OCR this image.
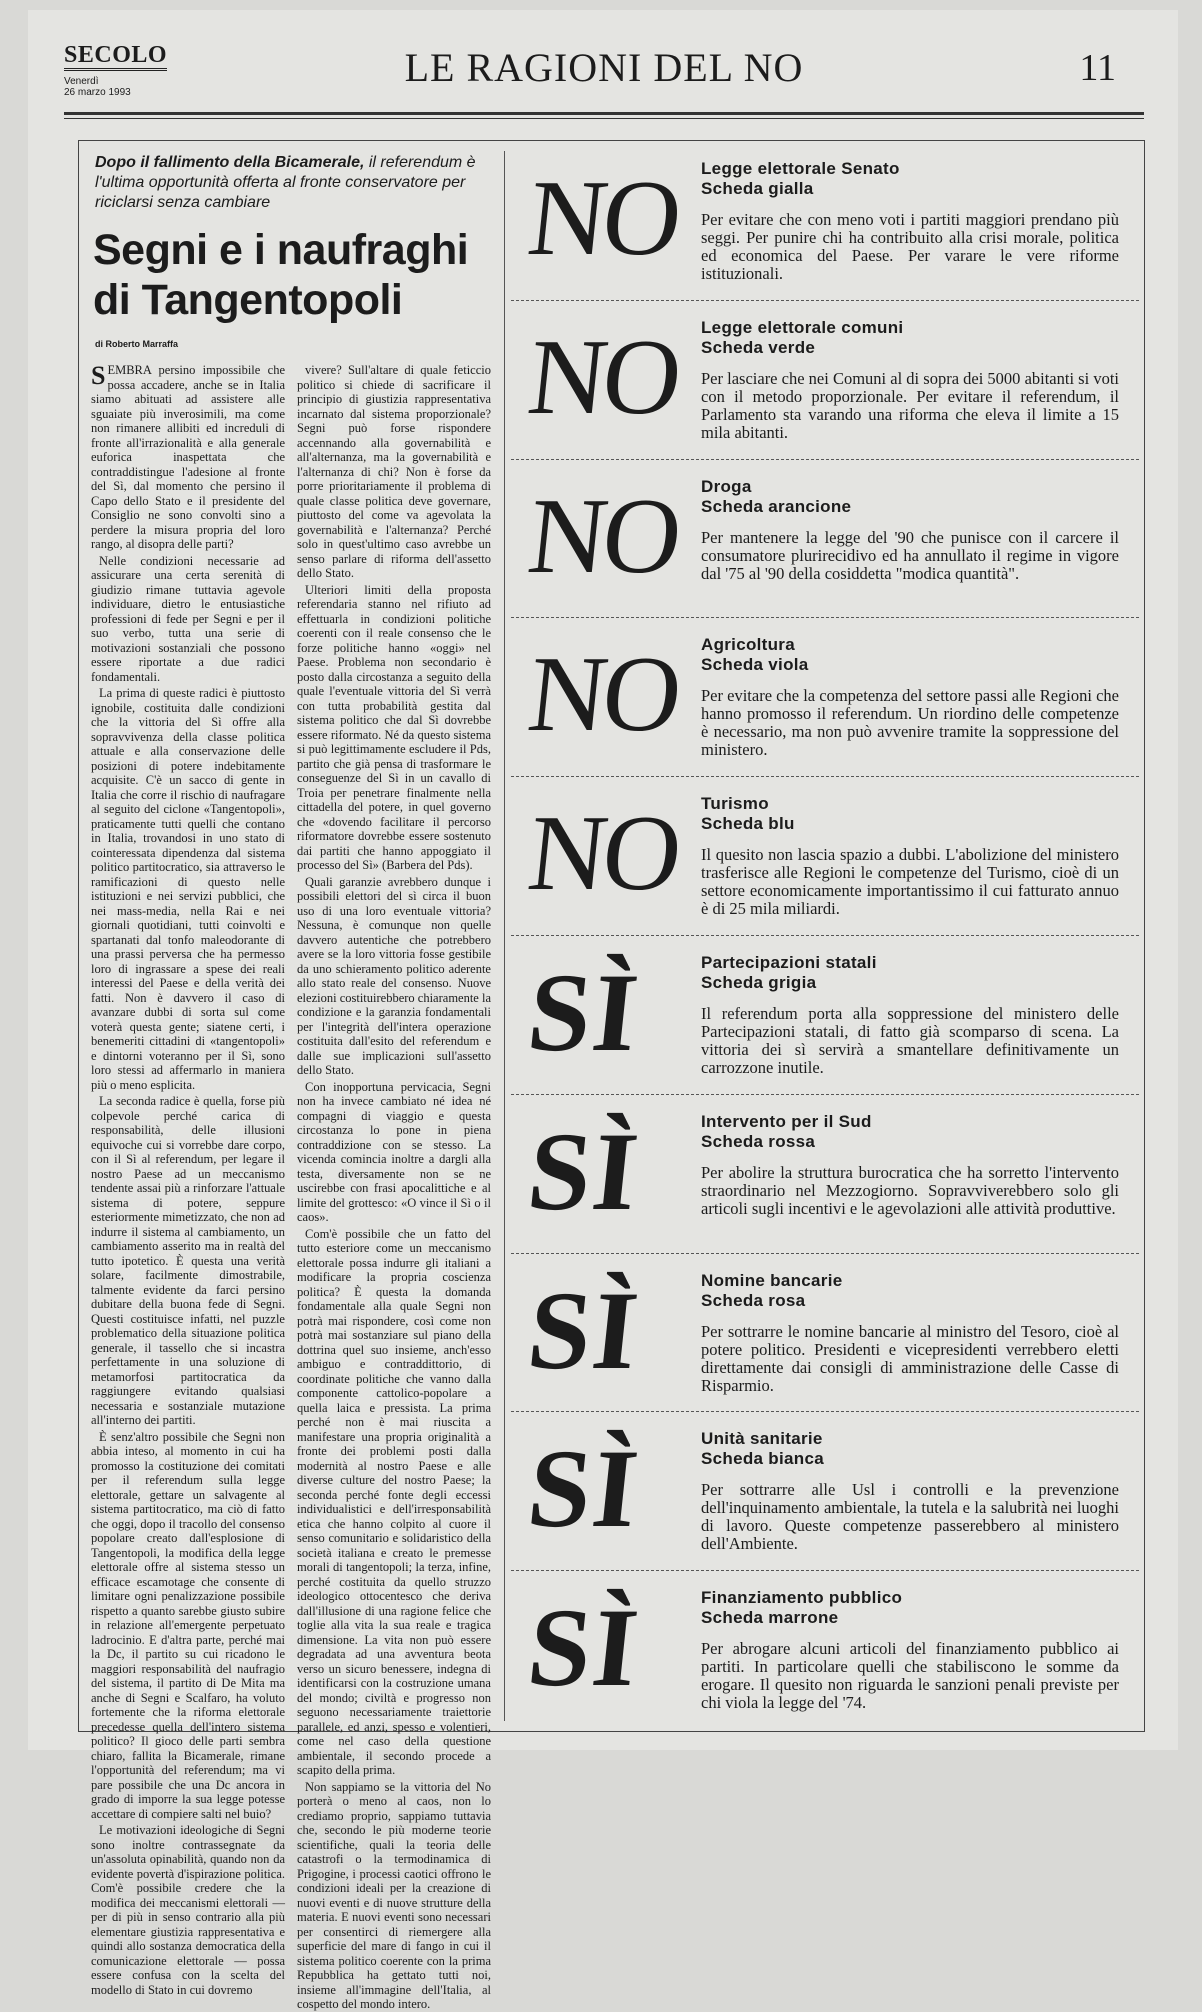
SECOLO
Venerdì
26 marzo 1993
LE RAGIONI DEL NO	11
Dopo il fallimento della Bicamerale, il referendum è l'ultima opportunità offerta al fronte conservatore per riciclarsi senza cambiare
Segni e i naufraghi
di Tangentopoli
di Roberto Marraffa

SEMBRA persino impossibile che possa accadere, anche se in Italia siamo abituati ad assistere alle sguaiate più inverosimili, ma come non rimanere allibiti ed increduli di fronte all'irrazionalità e alla generale euforica inaspettata che contraddistingue l'adesione al fronte del Sì, dal momento che persino il Capo dello Stato e il presidente del Consiglio ne sono convolti sino a perdere la misura propria del loro rango, al disopra delle parti?

Nelle condizioni necessarie ad assicurare una certa serenità di giudizio rimane tuttavia agevole individuare, dietro le entusiastiche professioni di fede per Segni e per il suo verbo, tutta una serie di motivazioni sostanziali che possono essere riportate a due radici fondamentali.

La prima di queste radici è piuttosto ignobile, costituita dalle condizioni che la vittoria del Sì offre alla sopravvivenza della classe politica attuale e alla conservazione delle posizioni di potere indebitamente acquisite. C'è un sacco di gente in Italia che corre il rischio di naufragare al seguito del ciclone «Tangentopoli», praticamente tutti quelli che contano in Italia, trovandosi in uno stato di cointeressata dipendenza dal sistema politico partitocratico, sia attraverso le ramificazioni di questo nelle istituzioni e nei servizi pubblici, che nei mass-media, nella Rai e nei giornali quotidiani, tutti coinvolti e spartanati dal tonfo maleodorante di una prassi perversa che ha permesso loro di ingrassare a spese dei reali interessi del Paese e della verità dei fatti. Non è davvero il caso di avanzare dubbi di sorta sul come voterà questa gente; siatene certi, i benemeriti cittadini di «tangentopoli» e dintorni voteranno per il Sì, sono loro stessi ad affermarlo in maniera più o meno esplicita.

La seconda radice è quella, forse più colpevole perché carica di responsabilità, delle illusioni equivoche cui si vorrebbe dare corpo, con il Sì al referendum, per legare il nostro Paese ad un meccanismo tendente assai più a rinforzare l'attuale sistema di potere, seppure esteriormente mimetizzato, che non ad indurre il sistema al cambiamento, un cambiamento asserito ma in realtà del tutto ipotetico. È questa una verità solare, facilmente dimostrabile, talmente evidente da farci persino dubitare della buona fede di Segni. Questi costituisce infatti, nel puzzle problematico della situazione politica generale, il tassello che si incastra perfettamente in una soluzione di metamorfosi partitocratica da raggiungere evitando qualsiasi necessaria e sostanziale mutazione all'interno dei partiti.

È senz'altro possibile che Segni non abbia inteso, al momento in cui ha promosso la costituzione dei comitati per il referendum sulla legge elettorale, gettare un salvagente al sistema partitocratico, ma ciò di fatto che oggi, dopo il tracollo del consenso popolare creato dall'esplosione di Tangentopoli, la modifica della legge elettorale offre al sistema stesso un efficace escamotage che consente di limitare ogni penalizzazione possibile rispetto a quanto sarebbe giusto subire in relazione all'emergente perpetuato ladrocinio. E d'altra parte, perché mai la Dc, il partito su cui ricadono le maggiori responsabilità del naufragio del sistema, il partito di De Mita ma anche di Segni e Scalfaro, ha voluto fortemente che la riforma elettorale precedesse quella dell'intero sistema politico? Il gioco delle parti sembra chiaro, fallita la Bicamerale, rimane l'opportunità del referendum; ma vi pare possibile che una Dc ancora in grado di imporre la sua legge potesse accettare di compiere salti nel buio?

Le motivazioni ideologiche di Segni sono inoltre contrassegnate da un'assoluta opinabilità, quando non da evidente povertà d'ispirazione politica. Com'è possibile credere che la modifica dei meccanismi elettorali — per di più in senso contrario alla più elementare giustizia rappresentativa e quindi allo sostanza democratica della comunicazione elettorale — possa essere confusa con la scelta del modello di Stato in cui dovremo

vivere? Sull'altare di quale feticcio politico si chiede di sacrificare il principio di giustizia rappresentativa incarnato dal sistema proporzionale? Segni può forse rispondere accennando alla governabilità e all'alternanza, ma la governabilità e l'alternanza di chi? Non è forse da porre prioritariamente il problema di quale classe politica deve governare, piuttosto del come va agevolata la governabilità e l'alternanza? Perché solo in quest'ultimo caso avrebbe un senso parlare di riforma dell'assetto dello Stato.

Ulteriori limiti della proposta referendaria stanno nel rifiuto ad effettuarla in condizioni politiche coerenti con il reale consenso che le forze politiche hanno «oggi» nel Paese. Problema non secondario è posto dalla circostanza a seguito della quale l'eventuale vittoria del Sì verrà con tutta probabilità gestita dal sistema politico che dal Sì dovrebbe essere riformato. Né da questo sistema si può legittimamente escludere il Pds, partito che già pensa di trasformare le conseguenze del Sì in un cavallo di Troia per penetrare finalmente nella cittadella del potere, in quel governo che «dovendo facilitare il percorso riformatore dovrebbe essere sostenuto dai partiti che hanno appoggiato il processo del Sì» (Barbera del Pds).

Quali garanzie avrebbero dunque i possibili elettori del sì circa il buon uso di una loro eventuale vittoria? Nessuna, è comunque non quelle davvero autentiche che potrebbero avere se la loro vittoria fosse gestibile da uno schieramento politico aderente allo stato reale del consenso. Nuove elezioni costituirebbero chiaramente la condizione e la garanzia fondamentali per l'integrità dell'intera operazione costituita dall'esito del referendum e dalle sue implicazioni sull'assetto dello Stato.

Con inopportuna pervicacia, Segni non ha invece cambiato né idea né compagni di viaggio e questa circostanza lo pone in piena contraddizione con se stesso. La vicenda comincia inoltre a dargli alla testa, diversamente non se ne uscirebbe con frasi apocalittiche e al limite del grottesco: «O vince il Sì o il caos».

Com'è possibile che un fatto del tutto esteriore come un meccanismo elettorale possa indurre gli italiani a modificare la propria coscienza politica? È questa la domanda fondamentale alla quale Segni non potrà mai rispondere, così come non potrà mai sostanziare sul piano della dottrina quel suo insieme, anch'esso ambiguo e contraddittorio, di coordinate politiche che vanno dalla componente cattolico-popolare a quella laica e pressista. La prima perché non è mai riuscita a manifestare una propria originalità a fronte dei problemi posti dalla modernità al nostro Paese e alle diverse culture del nostro Paese; la seconda perché fonte degli eccessi individualistici e dell'irresponsabilità etica che hanno colpito al cuore il senso comunitario e solidaristico della società italiana e creato le premesse morali di tangentopoli; la terza, infine, perché costituita da quello struzzo ideologico ottocentesco che deriva dall'illusione di una ragione felice che toglie alla vita la sua reale e tragica dimensione. La vita non può essere degradata ad una avventura beota verso un sicuro benessere, indegna di identificarsi con la costruzione umana del mondo; civiltà e progresso non seguono necessariamente traiettorie parallele, ed anzi, spesso e volentieri, come nel caso della questione ambientale, il secondo procede a scapito della prima.

Non sappiamo se la vittoria del No porterà o meno al caos, non lo crediamo proprio, sappiamo tuttavia che, secondo le più moderne teorie scientifiche, quali la teoria delle catastrofi o la termodinamica di Prigogine, i processi caotici offrono le condizioni ideali per la creazione di nuovi eventi e di nuove strutture della materia. E nuovi eventi sono necessari per consentirci di riemergere alla superficie del mare di fango in cui il sistema politico coerente con la prima Repubblica ha gettato tutti noi, insieme all'immagine dell'Italia, al cospetto del mondo intero.

NO	Legge elettorale Senato
Scheda gialla
Per evitare che con meno voti i partiti maggiori prendano più seggi. Per punire chi ha contribuito alla crisi morale, politica ed economica del Paese. Per varare le vere riforme istituzionali.
NO	Legge elettorale comuni
Scheda verde
Per lasciare che nei Comuni al di sopra dei 5000 abitanti si voti con il metodo proporzionale. Per evitare il referendum, il Parlamento sta varando una riforma che eleva il limite a 15 mila abitanti.
NO	Droga
Scheda arancione
Per mantenere la legge del '90 che punisce con il carcere il consumatore plurirecidivo ed ha annullato il regime in vigore dal '75 al '90 della cosiddetta "modica quantità".
NO	Agricoltura
Scheda viola
Per evitare che la competenza del settore passi alle Regioni che hanno promosso il referendum. Un riordino delle competenze è necessario, ma non può avvenire tramite la soppressione del ministero.
NO	Turismo
Scheda blu
Il quesito non lascia spazio a dubbi. L'abolizione del ministero trasferisce alle Regioni le competenze del Turismo, cioè di un settore economicamente importantissimo il cui fatturato annuo è di 25 mila miliardi.
SÌ	Partecipazioni statali
Scheda grigia
Il referendum porta alla soppressione del ministero delle Partecipazioni statali, di fatto già scomparso di scena. La vittoria dei sì servirà a smantellare definitivamente un carrozzone inutile.
SÌ	Intervento per il Sud
Scheda rossa
Per abolire la struttura burocratica che ha sorretto l'intervento straordinario nel Mezzogiorno. Sopravviverebbero solo gli articoli sugli incentivi e le agevolazioni alle attività produttive.
SÌ	Nomine bancarie
Scheda rosa
Per sottrarre le nomine bancarie al ministro del Tesoro, cioè al potere politico. Presidenti e vicepresidenti verrebbero eletti direttamente dai consigli di amministrazione delle Casse di Risparmio.
SÌ	Unità sanitarie
Scheda bianca
Per sottrarre alle Usl i controlli e la prevenzione dell'inquinamento ambientale, la tutela e la salubrità nei luoghi di lavoro. Queste competenze passerebbero al ministero dell'Ambiente.
SÌ	Finanziamento pubblico
Scheda marrone
Per abrogare alcuni articoli del finanziamento pubblico ai partiti. In particolare quelli che stabiliscono le somme da erogare. Il quesito non riguarda le sanzioni penali previste per chi viola la legge del '74.
